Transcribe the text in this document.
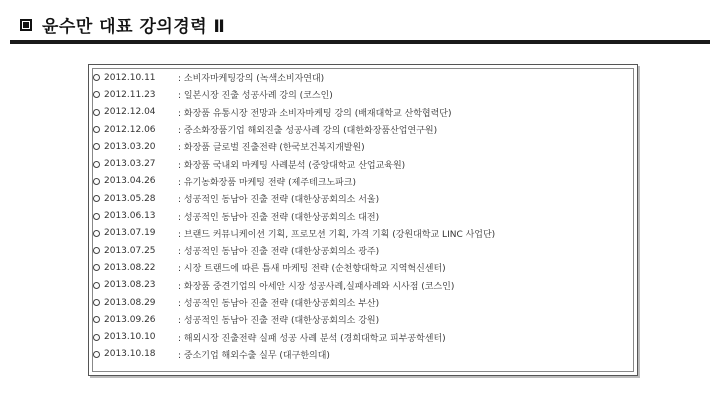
윤수만 대표 강의경력 Ⅱ
2012.10.11	: 소비자마케팅강의 (녹색소비자연대)
2012.11.23	: 일본시장 진출 성공사례 강의 (코스인)
2012.12.04	: 화장품 유통시장 전망과 소비자마케팅 강의 (배재대학교 산학협력단)
2012.12.06	: 중소화장품기업 해외진출 성공사례 강의 (대한화장품산업연구원)
2013.03.20	: 화장품 글로벌 진출전략 (한국보건복지개발원)
2013.03.27	: 화장품 국내외 마케팅 사례분석 (중앙대학교 산업교육원)
2013.04.26	: 유기농화장품 마케팅 전략 (제주테크노파크)
2013.05.28	: 성공적인 동남아 진출 전략 (대한상공회의소 서울)
2013.06.13	: 성공적인 동남아 진출 전략 (대한상공회의소 대전)
2013.07.19	: 브랜드 커뮤니케이션 기획, 프로모션 기획, 가격 기획 (강원대학교 LINC 사업단)
2013.07.25	: 성공적인 동남아 진출 전략 (대한상공회의소 광주)
2013.08.22	: 시장 트랜드에 따른 틈새 마케팅 전략 (순천향대학교 지역혁신센터)
2013.08.23	: 화장품 중견기업의 아세안 시장 성공사례,실패사례와 시사점 (코스인)
2013.08.29	: 성공적인 동남아 진출 전략 (대한상공회의소 부산)
2013.09.26	: 성공적인 동남아 진출 전략 (대한상공회의소 강원)
2013.10.10	: 해외시장 진출전략 실패 성공 사례 분석 (경희대학교 피부공학센터)
2013.10.18	: 중소기업 해외수출 실무 (대구한의대)
